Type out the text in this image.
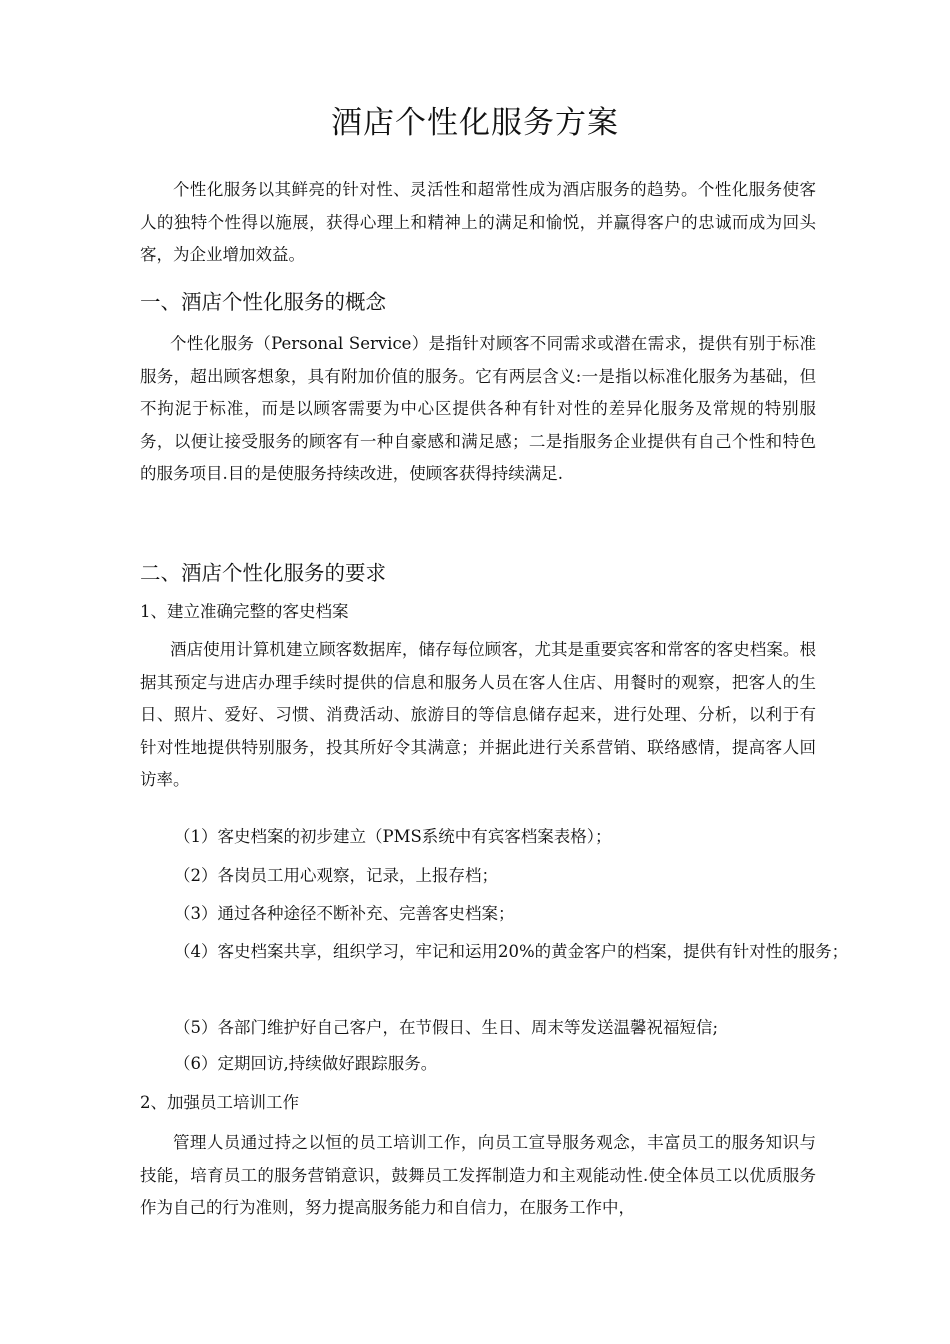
酒店个性化服务方案

个性化服务以其鲜亮的针对性、灵活性和超常性成为酒店服务的趋势。个性化服务使客人的独特个性得以施展，获得心理上和精神上的满足和愉悦，并赢得客户的忠诚而成为回头客，为企业增加效益。

一、酒店个性化服务的概念

个性化服务（Personal Service）是指针对顾客不同需求或潜在需求，提供有别于标准服务，超出顾客想象，具有附加价值的服务。它有两层含义:一是指以标准化服务为基础，但不拘泥于标准，而是以顾客需要为中心区提供各种有针对性的差异化服务及常规的特别服务，以便让接受服务的顾客有一种自豪感和满足感；二是指服务企业提供有自己个性和特色的服务项目.目的是使服务持续改进，使顾客获得持续满足.

二、酒店个性化服务的要求
1、建立准确完整的客史档案

酒店使用计算机建立顾客数据库，储存每位顾客，尤其是重要宾客和常客的客史档案。根据其预定与进店办理手续时提供的信息和服务人员在客人住店、用餐时的观察，把客人的生日、照片、爱好、习惯、消费活动、旅游目的等信息储存起来，进行处理、分析，以利于有针对性地提供特别服务，投其所好令其满意；并据此进行关系营销、联络感情，提高客人回访率。

（1）客史档案的初步建立（PMS系统中有宾客档案表格）；
（2）各岗员工用心观察，记录，上报存档；
（3）通过各种途径不断补充、完善客史档案；
（4）客史档案共享，组织学习，牢记和运用20%的黄金客户的档案，提供有针对性的服务；
（5）各部门维护好自己客户，在节假日、生日、周末等发送温馨祝福短信;
（6）定期回访,持续做好跟踪服务。
2、加强员工培训工作

管理人员通过持之以恒的员工培训工作，向员工宣导服务观念，丰富员工的服务知识与技能，培育员工的服务营销意识，鼓舞员工发挥制造力和主观能动性.使全体员工以优质服务作为自己的行为准则，努力提高服务能力和自信力，在服务工作中，
